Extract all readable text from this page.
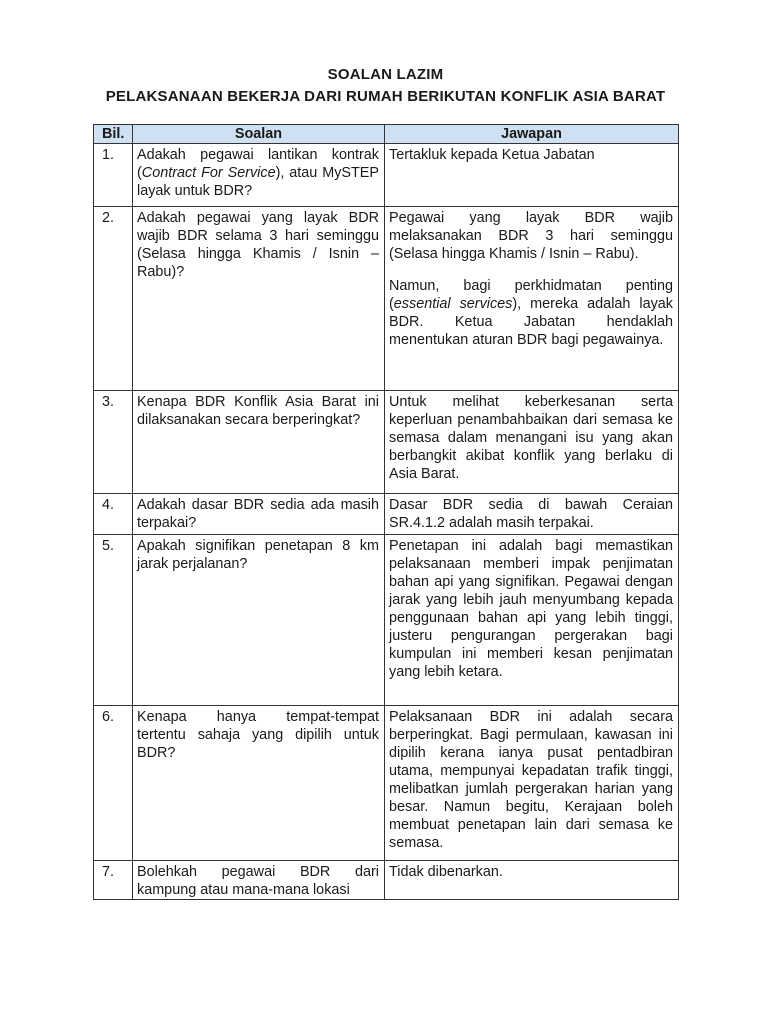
SOALAN LAZIM
PELAKSANAAN BEKERJA DARI RUMAH BERIKUTAN KONFLIK ASIA BARAT
Bil.	Soalan	Jawapan
1.	Adakah pegawai lantikan kontrak (Contract For Service), atau MySTEP layak untuk BDR?	Tertakluk kepada Ketua Jabatan

2.	Adakah pegawai yang layak BDR wajib BDR selama 3 hari seminggu (Selasa hingga Khamis / Isnin – Rabu)?	Pegawai yang layak BDR wajib melaksanakan BDR 3 hari seminggu (Selasa hingga Khamis / Isnin – Rabu).

Namun, bagi perkhidmatan penting (essential services), mereka adalah layak BDR. Ketua Jabatan hendaklah menentukan aturan BDR bagi pegawainya.

3.	Kenapa BDR Konflik Asia Barat ini dilaksanakan secara berperingkat?	Untuk melihat keberkesanan serta keperluan penambahbaikan dari semasa ke semasa dalam menangani isu yang akan berbangkit akibat konflik yang berlaku di Asia Barat.

4.	Adakah dasar BDR sedia ada masih terpakai?	Dasar BDR sedia di bawah Ceraian SR.4.1.2 adalah masih terpakai.

5.	Apakah signifikan penetapan 8 km jarak perjalanan?	Penetapan ini adalah bagi memastikan pelaksanaan memberi impak penjimatan bahan api yang signifikan. Pegawai dengan jarak yang lebih jauh menyumbang kepada penggunaan bahan api yang lebih tinggi, justeru pengurangan pergerakan bagi kumpulan ini memberi kesan penjimatan yang lebih ketara.

6.	Kenapa hanya tempat-tempat tertentu sahaja yang dipilih untuk BDR?	Pelaksanaan BDR ini adalah secara berperingkat. Bagi permulaan, kawasan ini dipilih kerana ianya pusat pentadbiran utama, mempunyai kepadatan trafik tinggi, melibatkan jumlah pergerakan harian yang besar. Namun begitu, Kerajaan boleh membuat penetapan lain dari semasa ke semasa.

7.	Bolehkah pegawai BDR dari kampung atau mana-mana lokasi	Tidak dibenarkan.
